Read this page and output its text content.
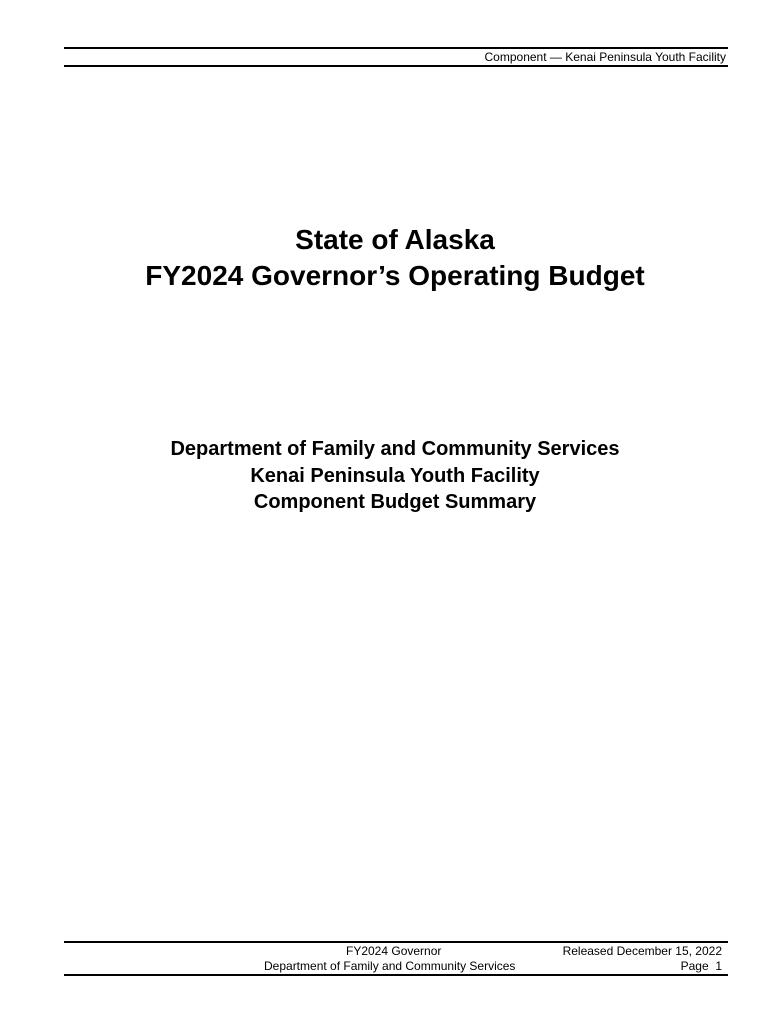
Component — Kenai Peninsula Youth Facility
State of Alaska
FY2024 Governor’s Operating Budget
Department of Family and Community Services
Kenai Peninsula Youth Facility
Component Budget Summary
FY2024 Governor	Released December 15, 2022
Department of Family and Community Services	Page  1
